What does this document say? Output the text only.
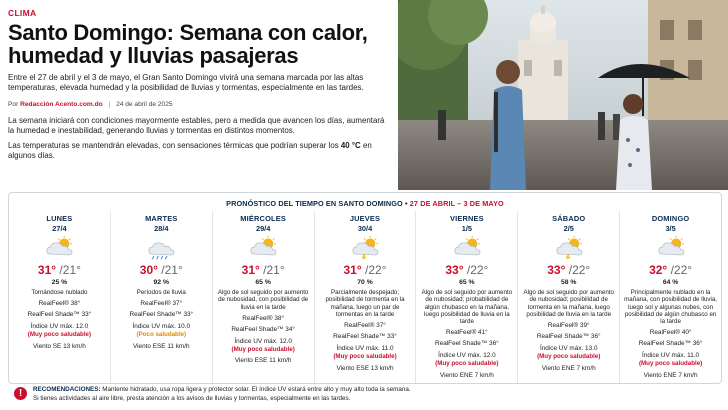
CLIMA
Santo Domingo: Semana con calor, humedad y lluvias pasajeras

Entre el 27 de abril y el 3 de mayo, el Gran Santo Domingo vivirá una semana marcada por las altas temperaturas, elevada humedad y la posibilidad de lluvias y tormentas, especialmente en las tardes.

Por Redacción Acento.com.do | 24 de abril de 2025

La semana iniciará con condiciones mayormente estables, pero a medida que avancen los días, aumentará la humedad e inestabilidad, generando lluvias y tormentas en distintos momentos.

Las temperaturas se mantendrán elevadas, con sensaciones térmicas que podrían superar los 40 °C en algunos días.

PRONÓSTICO DEL TIEMPO EN SANTO DOMINGO • 27 DE ABRIL – 3 DE MAYO
LUNES
27/4
31° /21°
25 %
Tornándose nublado
RealFeel® 38°
RealFeel Shade™ 33°
Índice UV máx. 12.0
(Muy poco saludable)
Viento SE 13 km/h
MARTES
28/4
30° /21°
92 %
Períodos de lluvia
RealFeel® 37°
RealFeel Shade™ 33°
Índice UV máx. 10.0
(Poco saludable)
Viento ESE 11 km/h
MIÉRCOLES
29/4
31° /21°
65 %
Algo de sol seguido por aumento de nubosidad, con posibilidad de lluvia en la tarde
RealFeel® 38°
RealFeel Shade™ 34°
Índice UV máx. 12.0
(Muy poco saludable)
Viento ESE 11 km/h
JUEVES
30/4
31° /22°
70 %
Parcialmente despejado; posibilidad de tormenta en la mañana, luego un par de tormentas en la tarde
RealFeel® 37°
RealFeel Shade™ 33°
Índice UV máx. 11.0
(Muy poco saludable)
Viento ESE 13 km/h
VIERNES
1/5
33° /22°
65 %
Algo de sol seguido por aumento de nubosidad; probabilidad de algún chubasco en la mañana, luego posibilidad de lluvia en la tarde
RealFeel® 41°
RealFeel Shade™ 36°
Índice UV máx. 12.0
(Muy poco saludable)
Viento ENE 7 km/h
SÁBADO
2/5
33° /22°
58 %
Algo de sol seguido por aumento de nubosidad; posibilidad de tormenta en la mañana, luego posibilidad de lluvia en la tarde
RealFeel® 39°
RealFeel Shade™ 36°
Índice UV máx. 13.0
(Muy poco saludable)
Viento ENE 7 km/h
DOMINGO
3/5
32° /22°
64 %
Principalmente nublado en la mañana, con posibilidad de lluvia, luego sol y algunas nubes, con posibilidad de algún chubasco en la tarde
RealFeel® 40°
RealFeel Shade™ 36°
Índice UV máx. 11.0
(Muy poco saludable)
Viento ENE 7 km/h
!	RECOMENDACIONES: Mantente hidratado, usa ropa ligera y protector solar. El índice UV estará entre alto y muy alto toda la semana.
Si tienes actividades al aire libre, presta atención a los avisos de lluvias y tormentas, especialmente en las tardes.
